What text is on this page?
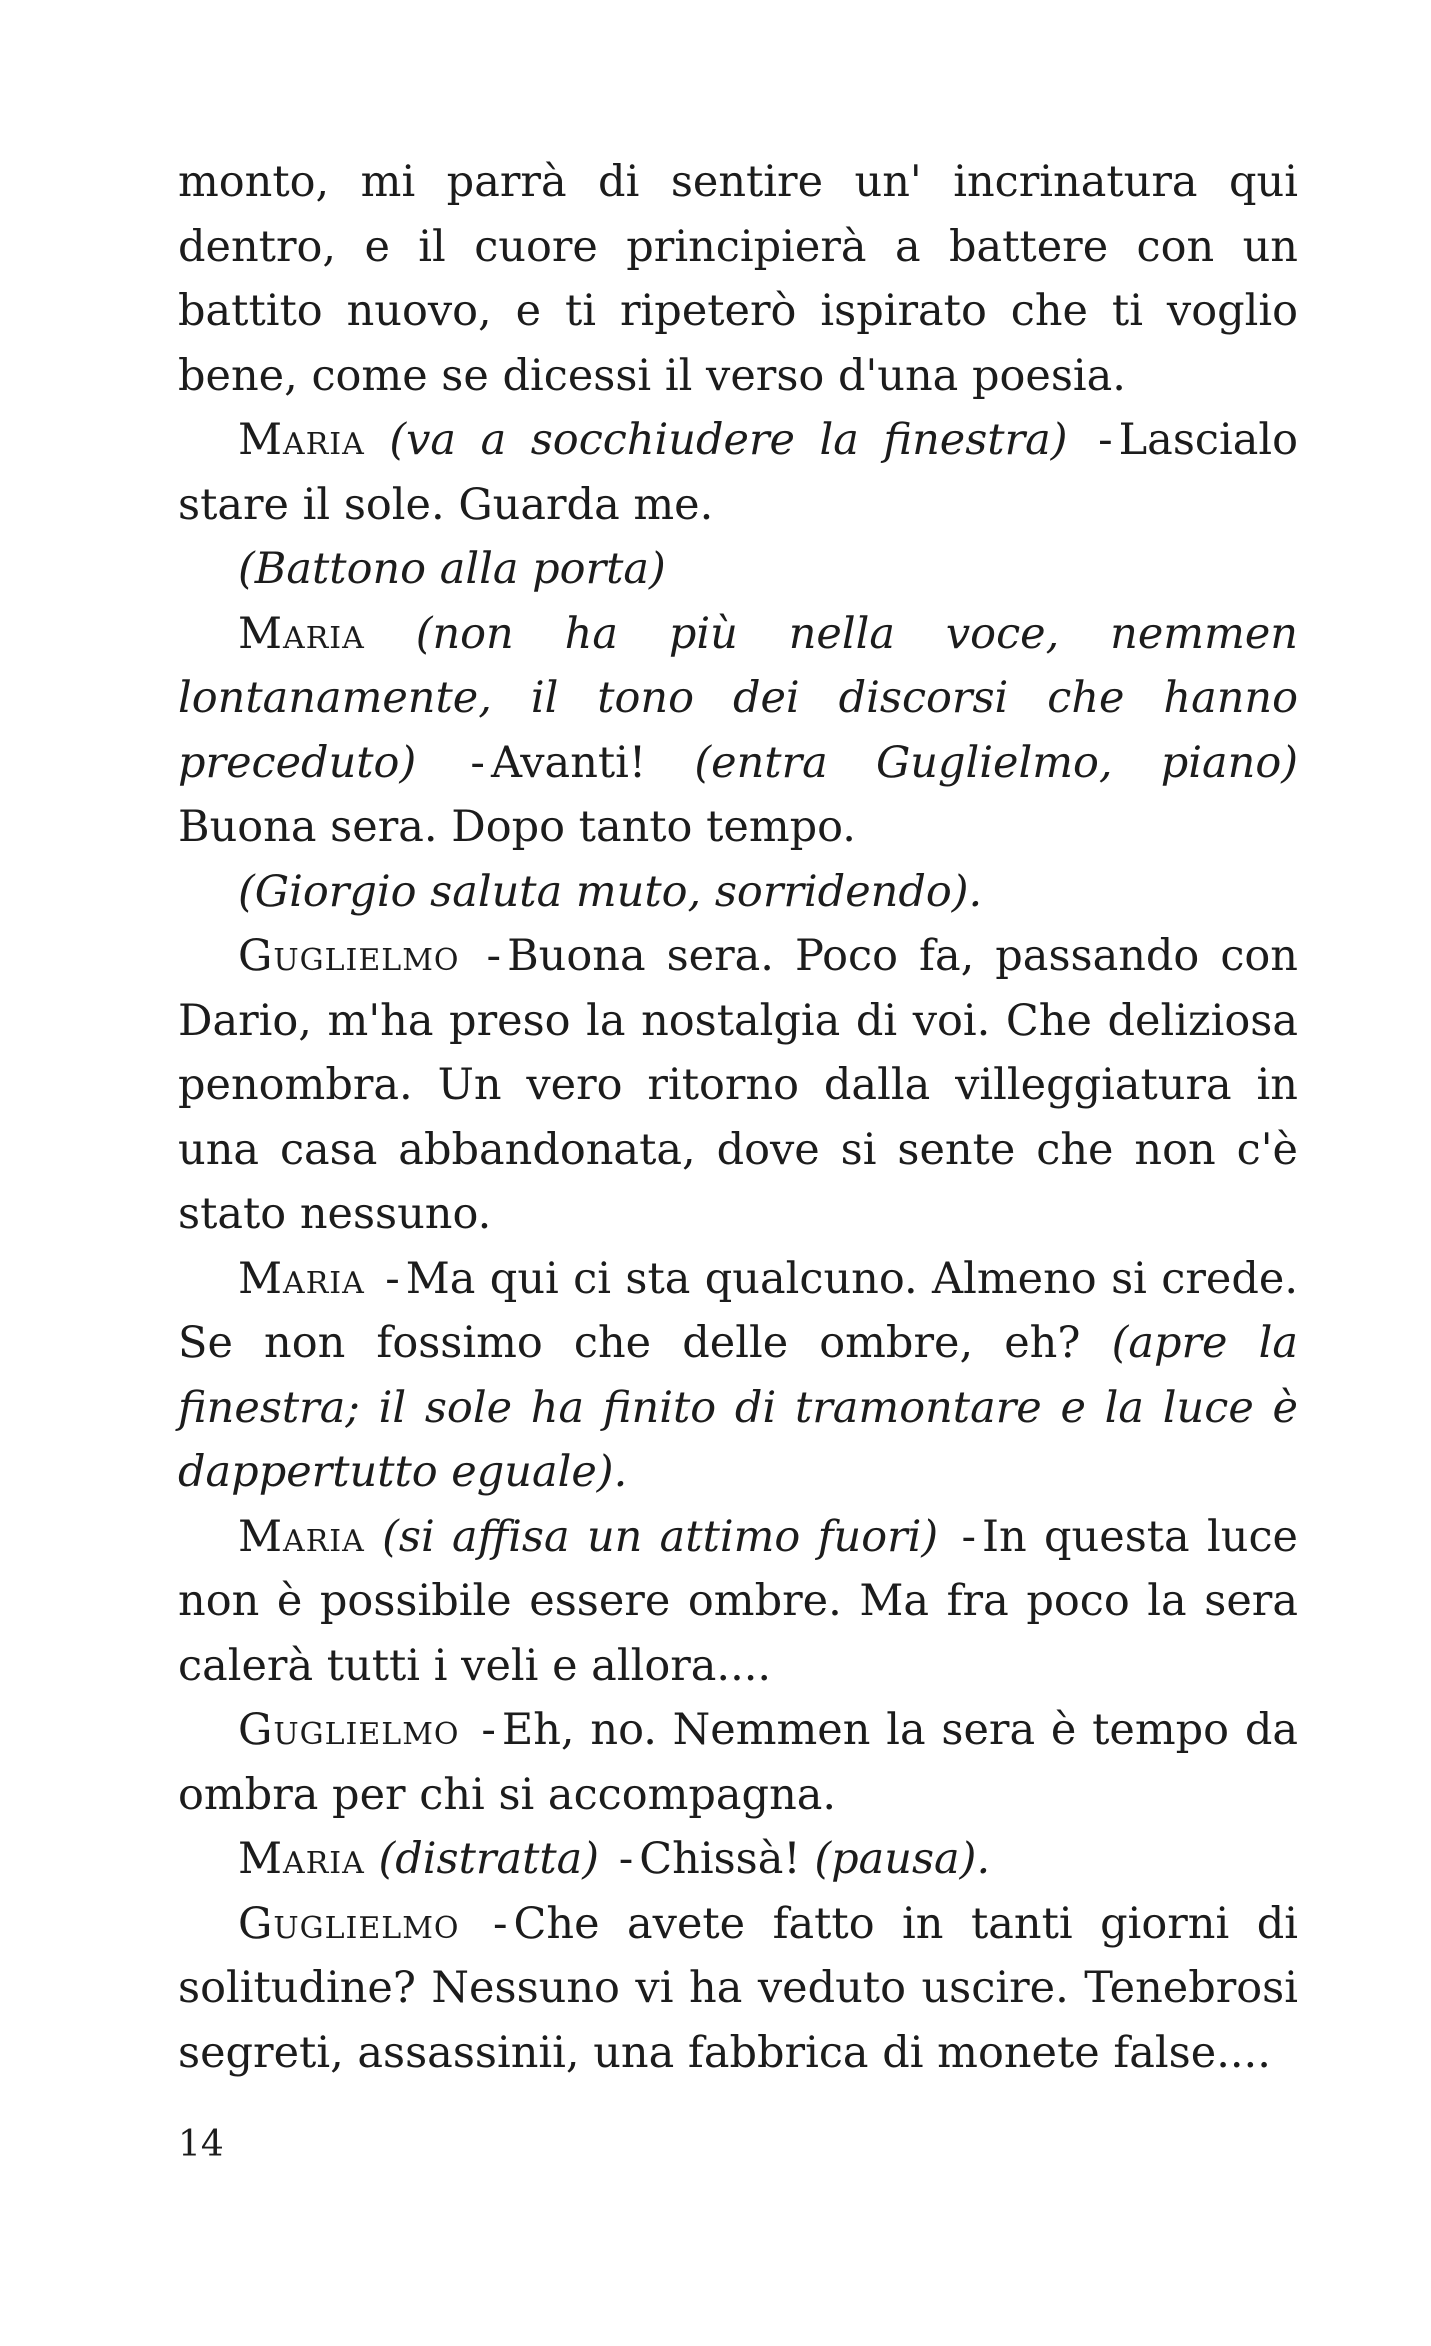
monto, mi parrà di sentire un' incrinatura qui dentro, e il cuore principierà a battere con un battito nuovo, e ti ripeterò ispirato che ti voglio bene, come se dicessi il verso d'una poesia.

Maria (va a socchiudere la finestra) - Lascialo stare il sole. Guarda me.

(Battono alla porta)

Maria (non ha più nella voce, nemmen lontanamente, il tono dei discorsi che hanno preceduto) - Avanti! (entra Guglielmo, piano) Buona sera. Dopo tanto tempo.

(Giorgio saluta muto, sorridendo).

Guglielmo - Buona sera. Poco fa, passando con Dario, m'ha preso la nostalgia di voi. Che deliziosa penombra. Un vero ritorno dalla villeggiatura in una casa abbandonata, dove si sente che non c'è stato nessuno.

Maria - Ma qui ci sta qualcuno. Almeno si crede. Se non fossimo che delle ombre, eh? (apre la finestra; il sole ha finito di tramontare e la luce è dappertutto eguale).

Maria (si affisa un attimo fuori) - In questa luce non è possibile essere ombre. Ma fra poco la sera calerà tutti i veli e allora....

Guglielmo - Eh, no. Nemmen la sera è tempo da ombra per chi si accompagna.

Maria (distratta) - Chissà! (pausa).

Guglielmo - Che avete fatto in tanti giorni di solitudine? Nessuno vi ha veduto uscire. Tenebrosi segreti, assassinii, una fabbrica di monete false....

14
